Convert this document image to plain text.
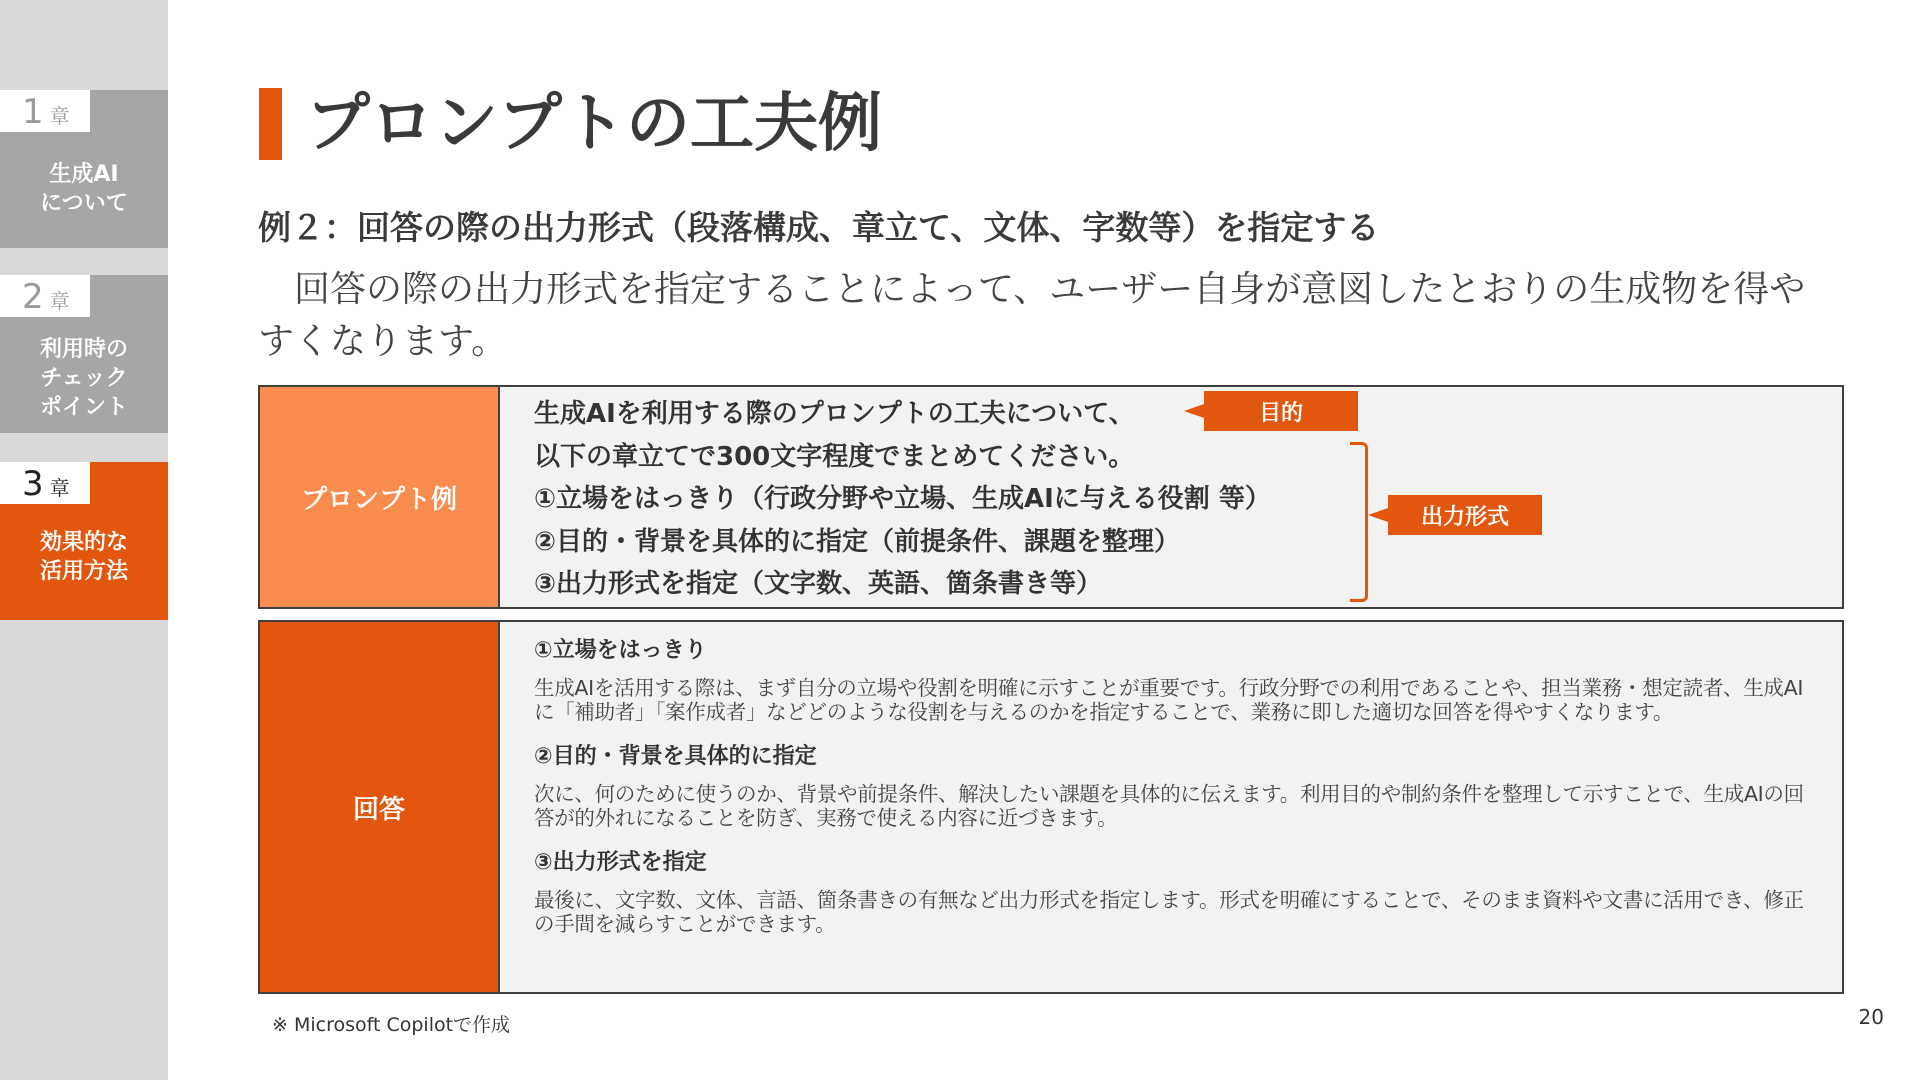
1 章
生成AI
について
2 章
利用時の
チェック
ポイント
3 章
効果的な
活用方法
プロンプトの工夫例
例２：回答の際の出力形式（段落構成、章立て、文体、字数等）を指定する
回答の際の出力形式を指定することによって、ユーザー自身が意図したとおりの生成物を得や
すくなります。
プロンプト例
生成AIを利用する際のプロンプトの工夫について、
以下の章立てで300文字程度でまとめてください。
①立場をはっきり（行政分野や立場、生成AIに与える役割 等）
②目的・背景を具体的に指定（前提条件、課題を整理）
③出力形式を指定（文字数、英語、箇条書き等）
目的
出力形式
回答
①立場をはっきり
生成AIを活用する際は、まず自分の立場や役割を明確に示すことが重要です。行政分野での利用であることや、担当業務・想定読者、生成AIに「補助者」「案作成者」などどのような役割を与えるのかを指定することで、業務に即した適切な回答を得やすくなります。
②目的・背景を具体的に指定
次に、何のために使うのか、背景や前提条件、解決したい課題を具体的に伝えます。利用目的や制約条件を整理して示すことで、生成AIの回答が的外れになることを防ぎ、実務で使える内容に近づきます。
③出力形式を指定
最後に、文字数、文体、言語、箇条書きの有無など出力形式を指定します。形式を明確にすることで、そのまま資料や文書に活用でき、修正の手間を減らすことができます。
※ Microsoft Copilotで作成	20
